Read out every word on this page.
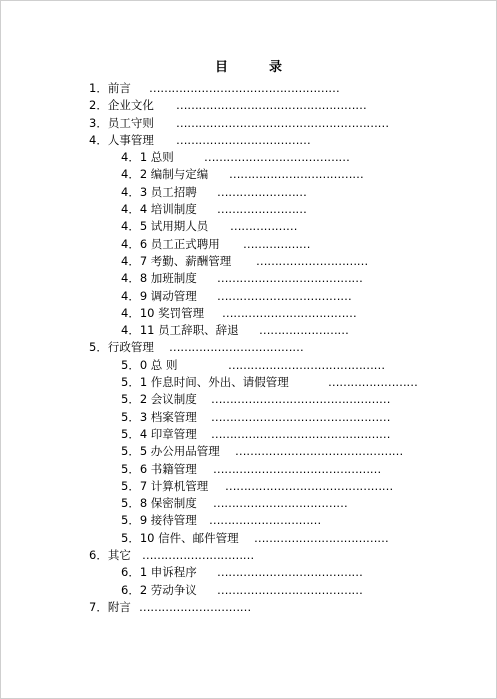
目　录
1．前言 ……………………………………………
2．企业文化 ……………………………………………
3．员工守则 …………………………………………………
4．人事管理 ………………………………
4．1 总则	…………………………………
4．2 编制与定编 ………………………………
4．3 员工招聘 ……………………
4．4 培训制度 ……………………
4．5 试用期人员 ………………
4．6 员工正式聘用 ………………
4．7 考勤、薪酬管理 …………………………
4．8 加班制度 …………………………………
4．9 调动管理 ………………………………
4．10 奖罚管理 ………………………………
4．11 员工辞职、辞退 ……………………
5．行政管理 ………………………………
5．0 总 则	……………………………………
5．1 作息时间、外出、请假管理	……………………
5．2 会议制度 …………………………………………
5．3 档案管理 …………………………………………
5．4 印章管理 …………………………………………
5．5 办公用品管理 ………………………………………
5．6 书籍管理 ………………………………………
5．7 计算机管理 ………………………………………
5．8 保密制度 ………………………………
5．9 接待管理 …………………………
5．10 信件、邮件管理 ………………………………
6．其它 …………………………
6．1 申诉程序 …………………………………
6．2 劳动争议 …………………………………
7．附言 …………………………
